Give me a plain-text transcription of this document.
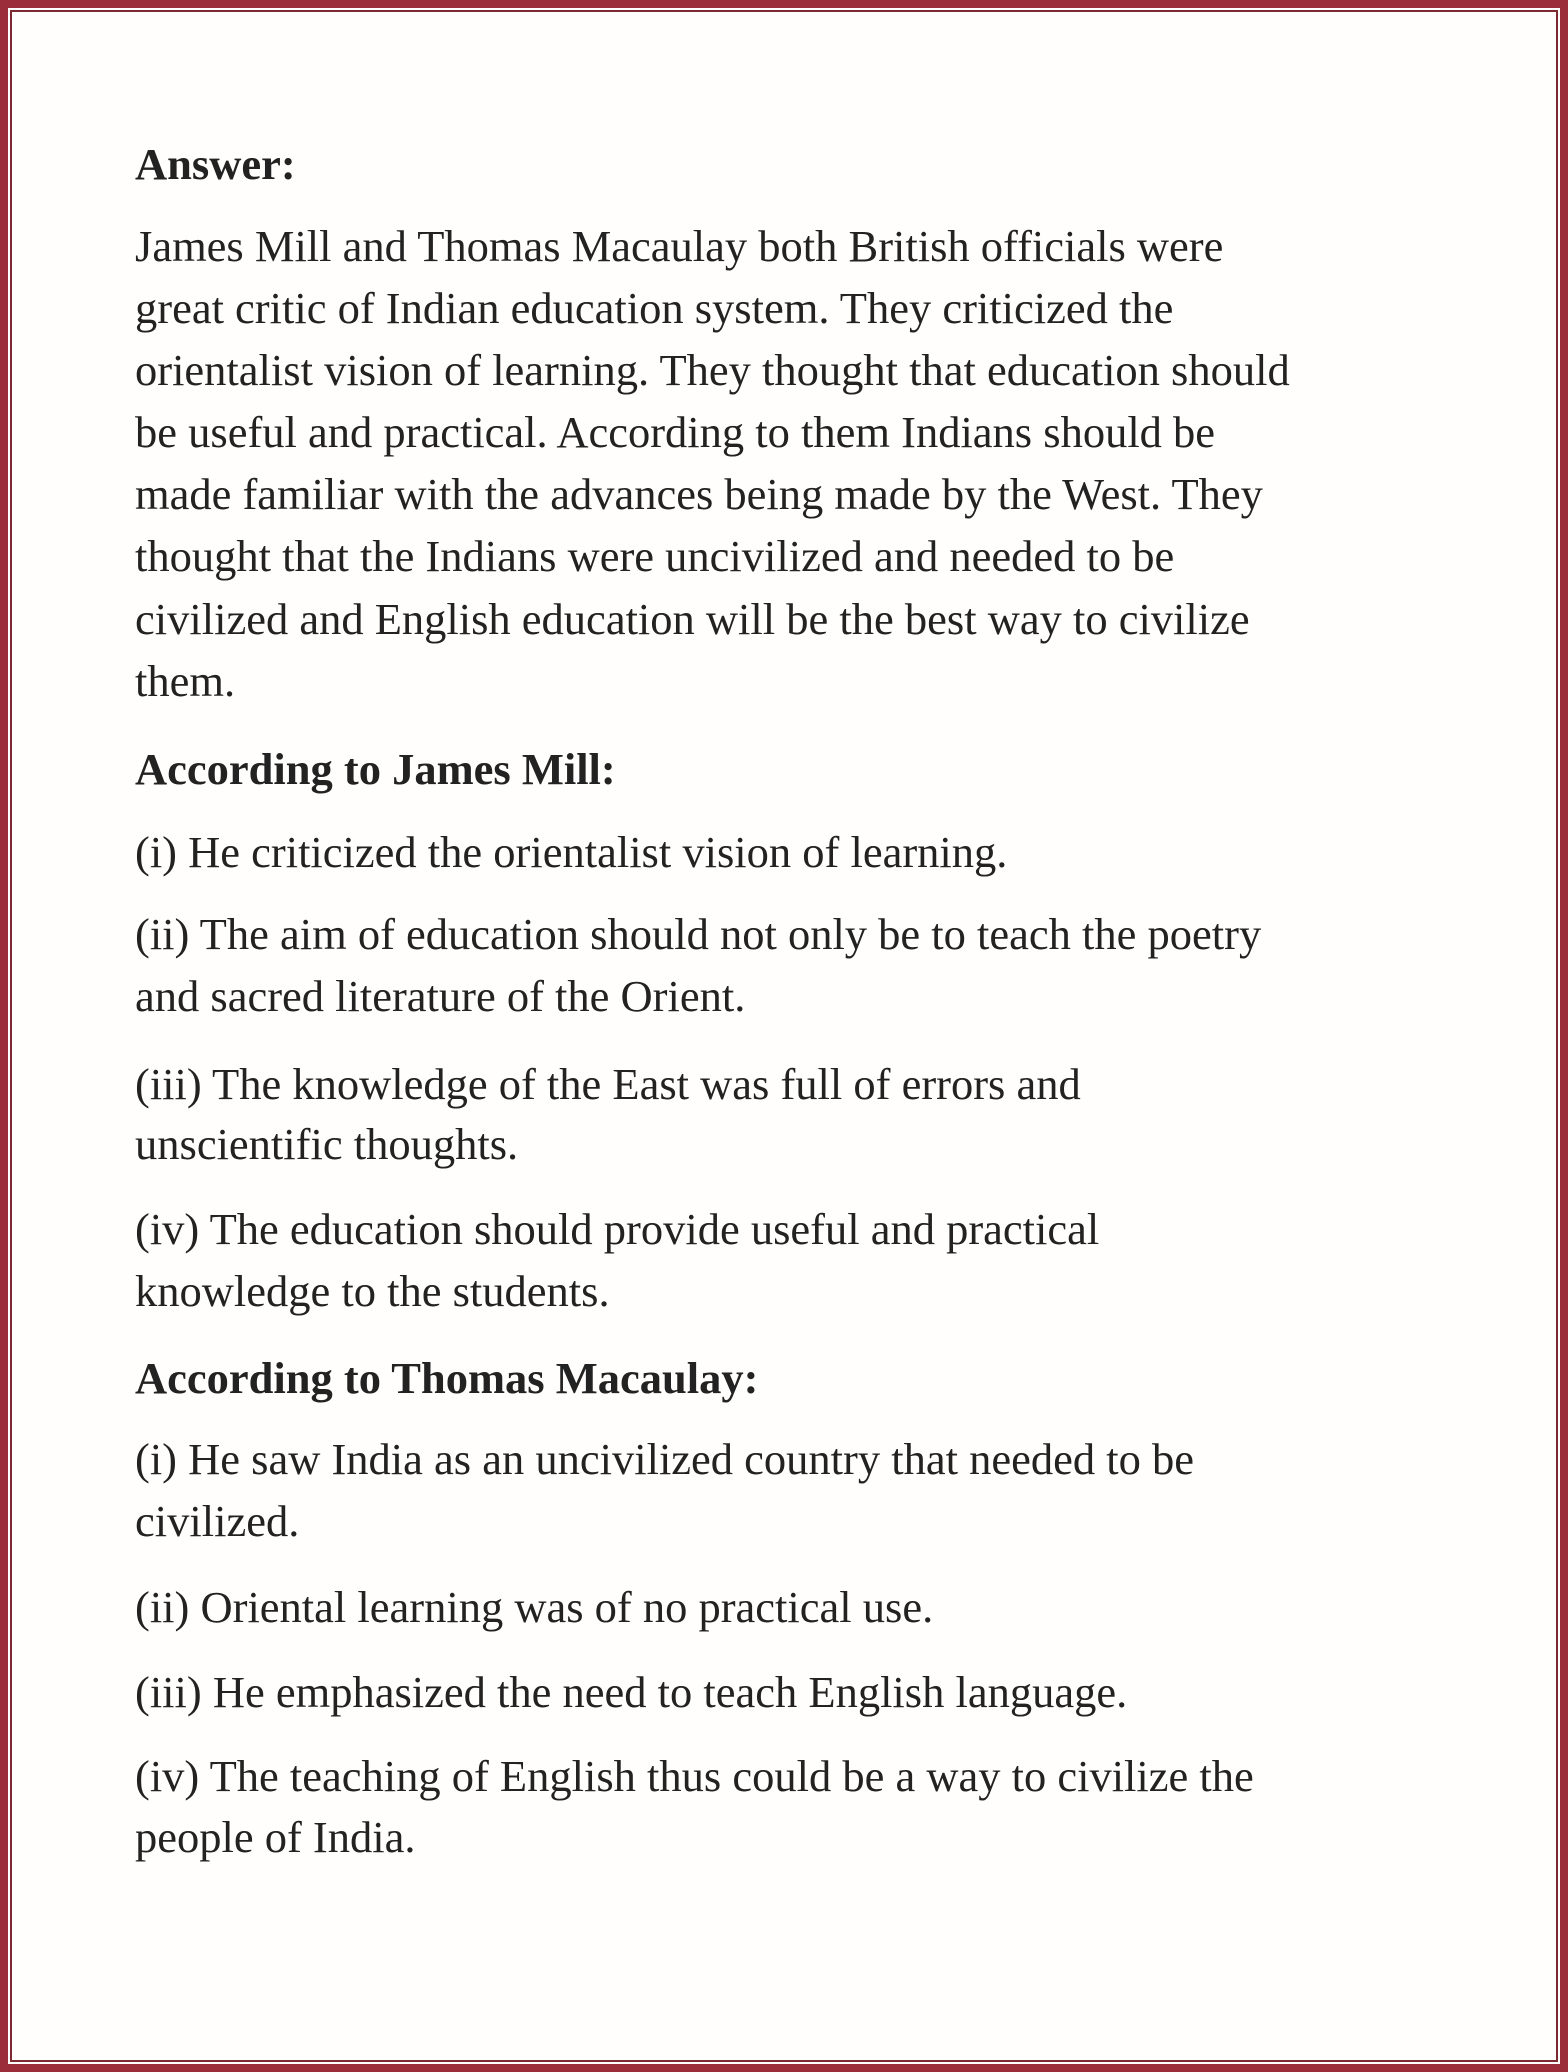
Answer:
James Mill and Thomas Macaulay both British officials were
great critic of Indian education system. They criticized the
orientalist vision of learning. They thought that education should
be useful and practical. According to them Indians should be
made familiar with the advances being made by the West. They
thought that the Indians were uncivilized and needed to be
civilized and English education will be the best way to civilize
them.
According to James Mill:
(i) He criticized the orientalist vision of learning.
(ii) The aim of education should not only be to teach the poetry
and sacred literature of the Orient.
(iii) The knowledge of the East was full of errors and
unscientific thoughts.
(iv) The education should provide useful and practical
knowledge to the students.
According to Thomas Macaulay:
(i) He saw India as an uncivilized country that needed to be
civilized.
(ii) Oriental learning was of no practical use.
(iii) He emphasized the need to teach English language.
(iv) The teaching of English thus could be a way to civilize the
people of India.
